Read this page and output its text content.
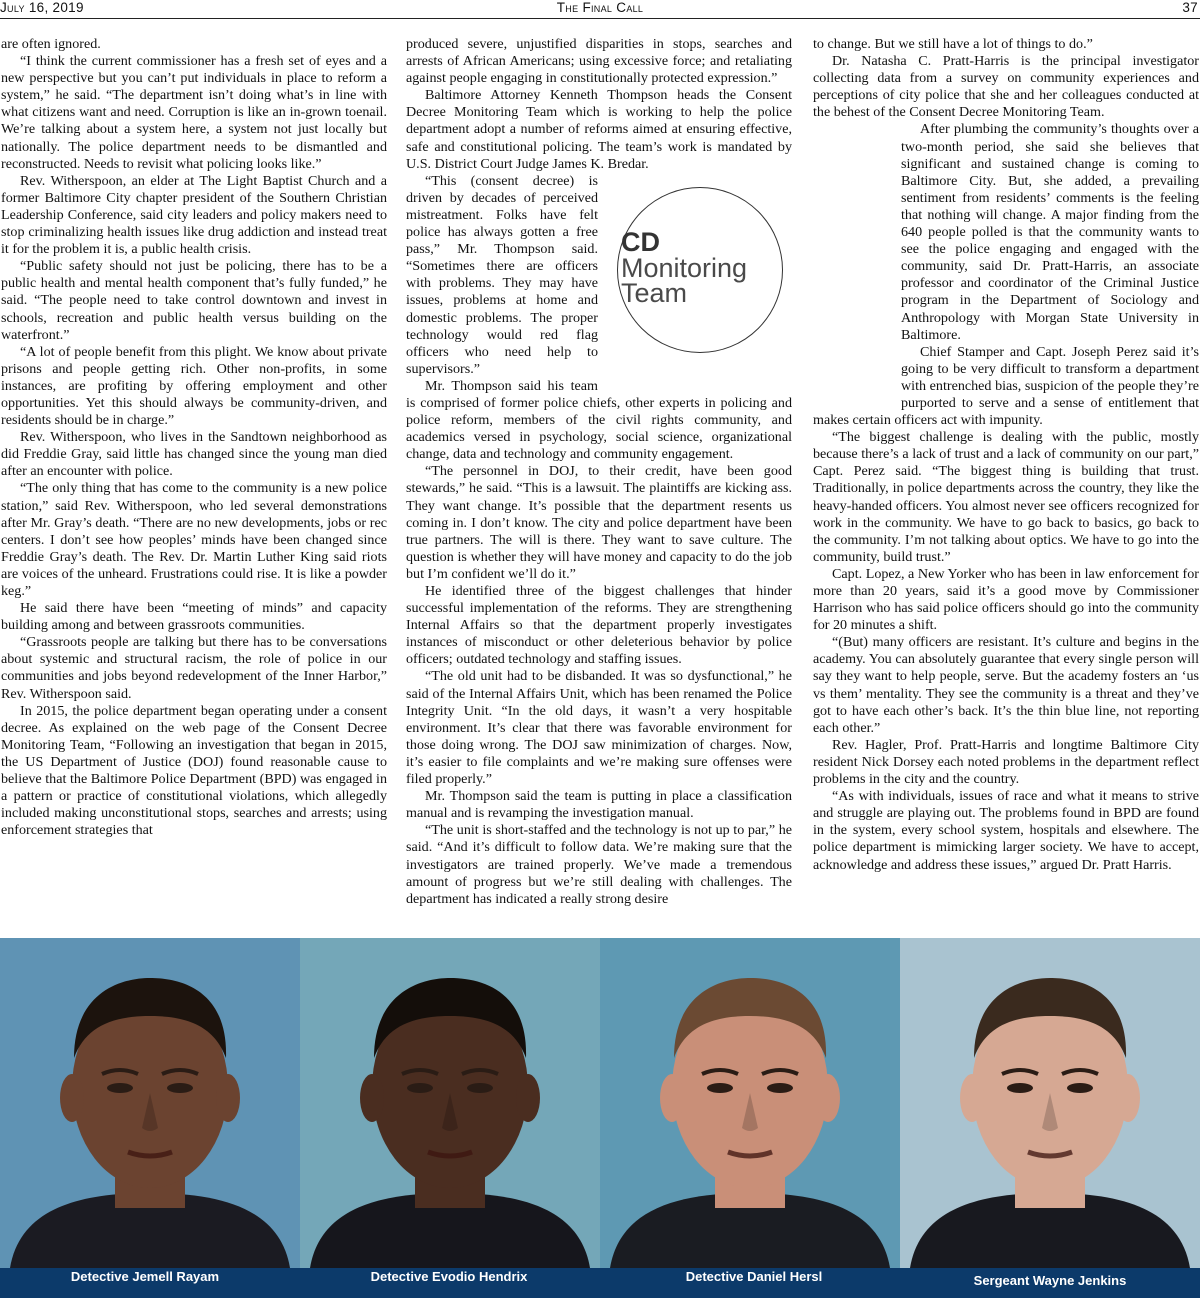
The Final Call
July 16, 2019	37

are often ignored.

“I think the current commissioner has a fresh set of eyes and a new perspective but you can’t put individuals in place to reform a system,” he said. “The department isn’t doing what’s in line with what citizens want and need. Corruption is like an in-grown toenail. We’re talking about a system here, a system not just locally but nationally. The police department needs to be dismantled and reconstructed. Needs to revisit what policing looks like.”

Rev. Witherspoon, an elder at The Light Baptist Church and a former Baltimore City chapter president of the Southern Christian Leadership Conference, said city leaders and policy makers need to stop criminalizing health issues like drug addiction and instead treat it for the problem it is, a public health crisis.

“Public safety should not just be policing, there has to be a public health and mental health component that’s fully funded,” he said. “The people need to take control downtown and invest in schools, recreation and public health versus building on the waterfront.”

“A lot of people benefit from this plight. We know about private prisons and people getting rich. Other non-profits, in some instances, are profiting by offering employment and other opportunities. Yet this should always be community-driven, and residents should be in charge.”

Rev. Witherspoon, who lives in the Sandtown neighborhood as did Freddie Gray, said little has changed since the young man died after an encounter with police.

“The only thing that has come to the community is a new police station,” said Rev. Witherspoon, who led several demonstrations after Mr. Gray’s death. “There are no new developments, jobs or rec centers. I don’t see how peoples’ minds have been changed since Freddie Gray’s death. The Rev. Dr. Martin Luther King said riots are voices of the unheard. Frustrations could rise. It is like a powder keg.”

He said there have been “meeting of minds” and capacity building among and between grassroots communities.

“Grassroots people are talking but there has to be conversations about systemic and structural racism, the role of police in our communities and jobs beyond redevelopment of the Inner Harbor,” Rev. Witherspoon said.

In 2015, the police department began operating under a consent decree. As explained on the web page of the Consent Decree Monitoring Team, “Following an investigation that began in 2015, the US Department of Justice (DOJ) found reasonable cause to believe that the Baltimore Police Department (BPD) was engaged in a pattern or practice of constitutional violations, which allegedly included making unconstitutional stops, searches and arrests; using enforcement strategies that

produced severe, unjustified disparities in stops, searches and arrests of African Americans; using excessive force; and retaliating against people engaging in constitutionally protected expression.”

Baltimore Attorney Kenneth Thompson heads the Consent Decree Monitoring Team which is working to help the police department adopt a number of reforms aimed at ensuring effective, safe and constitutional policing. The team’s work is mandated by U.S. District Court Judge James K. Bredar.

CD
Monitoring
Team

“This (consent decree) is driven by decades of perceived mistreatment. Folks have felt police has always gotten a free pass,” Mr. Thompson said. “Sometimes there are officers with problems. They may have issues, problems at home and domestic problems. The proper technology would red flag officers who need help to supervisors.”

Mr. Thompson said his team is comprised of former police chiefs, other experts in policing and police reform, members of the civil rights community, and academics versed in psychology, social science, organizational change, data and technology and community engagement.

“The personnel in DOJ, to their credit, have been good stewards,” he said. “This is a lawsuit. The plaintiffs are kicking ass. They want change. It’s possible that the department resents us coming in. I don’t know. The city and police department have been true partners. The will is there. They want to save culture. The question is whether they will have money and capacity to do the job but I’m confident we’ll do it.”

He identified three of the biggest challenges that hinder successful implementation of the reforms. They are strengthening Internal Affairs so that the department properly investigates instances of misconduct or other deleterious behavior by police officers; outdated technology and staffing issues.

“The old unit had to be disbanded. It was so dysfunctional,” he said of the Internal Affairs Unit, which has been renamed the Police Integrity Unit. “In the old days, it wasn’t a very hospitable environment. It’s clear that there was favorable environment for those doing wrong. The DOJ saw minimization of charges. Now, it’s easier to file complaints and we’re making sure offenses were filed properly.”

Mr. Thompson said the team is putting in place a classification manual and is revamping the investigation manual.

“The unit is short-staffed and the technology is not up to par,” he said. “And it’s difficult to follow data. We’re making sure that the investigators are trained properly. We’ve made a tremendous amount of progress but we’re still dealing with challenges. The department has indicated a really strong desire

to change. But we still have a lot of things to do.”

Dr. Natasha C. Pratt-Harris is the principal investigator collecting data from a survey on community experiences and perceptions of city police that she and her colleagues conducted at the behest of the Consent Decree Monitoring Team.

After plumbing the community’s thoughts over a two-month period, she said she believes that significant and sustained change is coming to Baltimore City. But, she added, a prevailing sentiment from residents’ comments is the feeling that nothing will change. A major finding from the 640 people polled is that the community wants to see the police engaging and engaged with the community, said Dr. Pratt-Harris, an associate professor and coordinator of the Criminal Justice program in the Department of Sociology and Anthropology with Morgan State University in Baltimore.

Chief Stamper and Capt. Joseph Perez said it’s going to be very difficult to transform a department with entrenched bias, suspicion of the people they’re purported to serve and a sense of entitlement that makes certain officers act with impunity.

“The biggest challenge is dealing with the public, mostly because there’s a lack of trust and a lack of community on our part,” Capt. Perez said. “The biggest thing is building that trust. Traditionally, in police departments across the country, they like the heavy-handed officers. You almost never see officers recognized for work in the community. We have to go back to basics, go back to the community. I’m not talking about optics. We have to go into the community, build trust.”

Capt. Lopez, a New Yorker who has been in law enforcement for more than 20 years, said it’s a good move by Commissioner Harrison who has said police officers should go into the community for 20 minutes a shift.

“(But) many officers are resistant. It’s culture and begins in the academy. You can absolutely guarantee that every single person will say they want to help people, serve. But the academy fosters an ‘us vs them’ mentality. They see the community is a threat and they’ve got to have each other’s back. It’s the thin blue line, not reporting each other.”

Rev. Hagler, Prof. Pratt-Harris and longtime Baltimore City resident Nick Dorsey each noted problems in the department reflect problems in the city and the country.

“As with individuals, issues of race and what it means to strive and struggle are playing out. The problems found in BPD are found in the system, every school system, hospitals and elsewhere. The police department is mimicking larger society. We have to accept, acknowledge and address these issues,” argued Dr. Pratt Harris.

Detective Jemell Rayam	Detective Evodio Hendrix	Detective Daniel Hersl	Sergeant Wayne Jenkins
